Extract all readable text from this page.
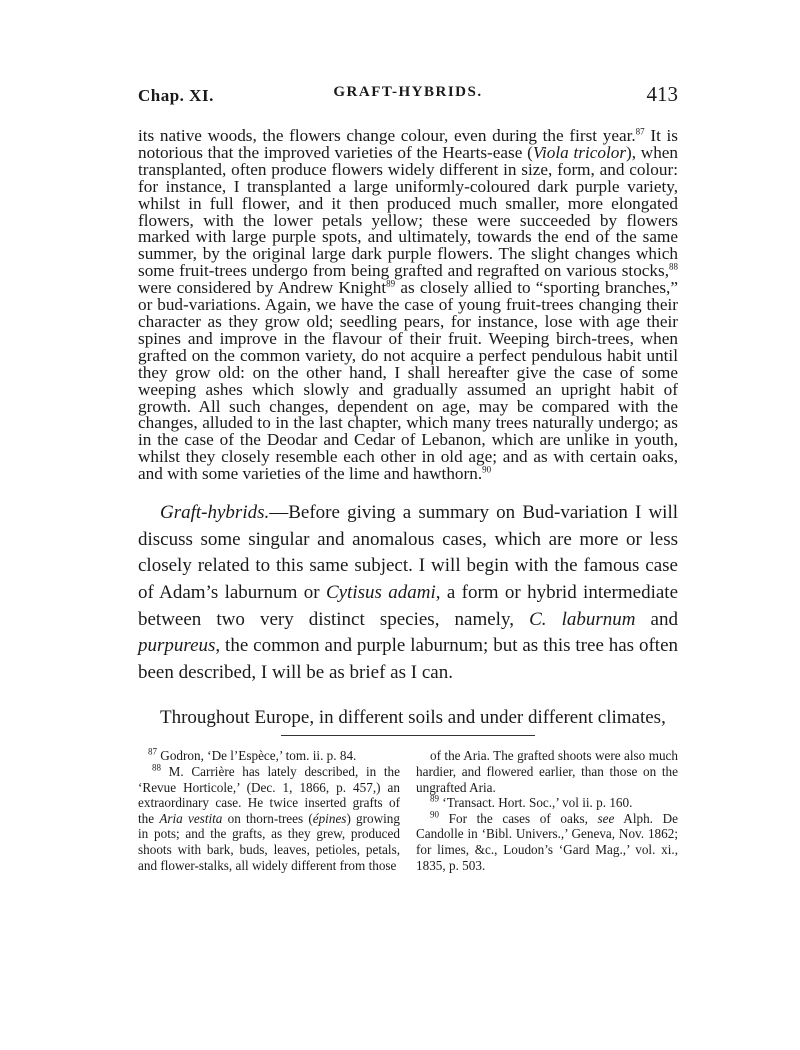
Chap. XI.	GRAFT-HYBRIDS.	413

its native woods, the flowers change colour, even during the first year.$^{87}$ It is notorious that the improved varieties of the Hearts-ease (Viola tricolor), when transplanted, often produce flowers widely different in size, form, and colour: for instance, I transplanted a large uniformly-coloured dark purple variety, whilst in full flower, and it then produced much smaller, more elongated flowers, with the lower petals yellow; these were succeeded by flowers marked with large purple spots, and ultimately, towards the end of the same summer, by the original large dark purple flowers. The slight changes which some fruit-trees undergo from being grafted and regrafted on various stocks,$^{88}$ were considered by Andrew Knight$^{89}$ as closely allied to “sporting branches,” or bud-variations. Again, we have the case of young fruit-trees changing their character as they grow old; seedling pears, for instance, lose with age their spines and improve in the flavour of their fruit. Weeping birch-trees, when grafted on the common variety, do not acquire a perfect pendulous habit until they grow old: on the other hand, I shall hereafter give the case of some weeping ashes which slowly and gradually assumed an upright habit of growth. All such changes, dependent on age, may be compared with the changes, alluded to in the last chapter, which many trees naturally undergo; as in the case of the Deodar and Cedar of Lebanon, which are unlike in youth, whilst they closely resemble each other in old age; and as with certain oaks, and with some varieties of the lime and hawthorn.$^{90}$

Graft-hybrids.—Before giving a summary on Bud-variation I will discuss some singular and anomalous cases, which are more or less closely related to this same subject. I will begin with the famous case of Adam’s laburnum or Cytisus adami, a form or hybrid intermediate between two very distinct species, namely, C. laburnum and purpureus, the common and purple laburnum; but as this tree has often been described, I will be as brief as I can.

Throughout Europe, in different soils and under different climates,
$^{87}$ Godron, ‘De l’Espèce,’ tom. ii. p. 84.
$^{88}$ M. Carrière has lately described, in the ‘Revue Horticole,’ (Dec. 1, 1866, p. 457,) an extraordinary case. He twice inserted grafts of the Aria vestita on thorn-trees (épines) growing in pots; and the grafts, as they grew, produced shoots with bark, buds, leaves, petioles, petals, and flower-stalks, all widely different from those
of the Aria. The grafted shoots were also much hardier, and flowered earlier, than those on the ungrafted Aria.
$^{89}$ ‘Transact. Hort. Soc.,’ vol ii. p. 160.
$^{90}$ For the cases of oaks, see Alph. De Candolle in ‘Bibl. Univers.,’ Geneva, Nov. 1862; for limes, &c., Loudon’s ‘Gard Mag.,’ vol. xi., 1835, p. 503.
